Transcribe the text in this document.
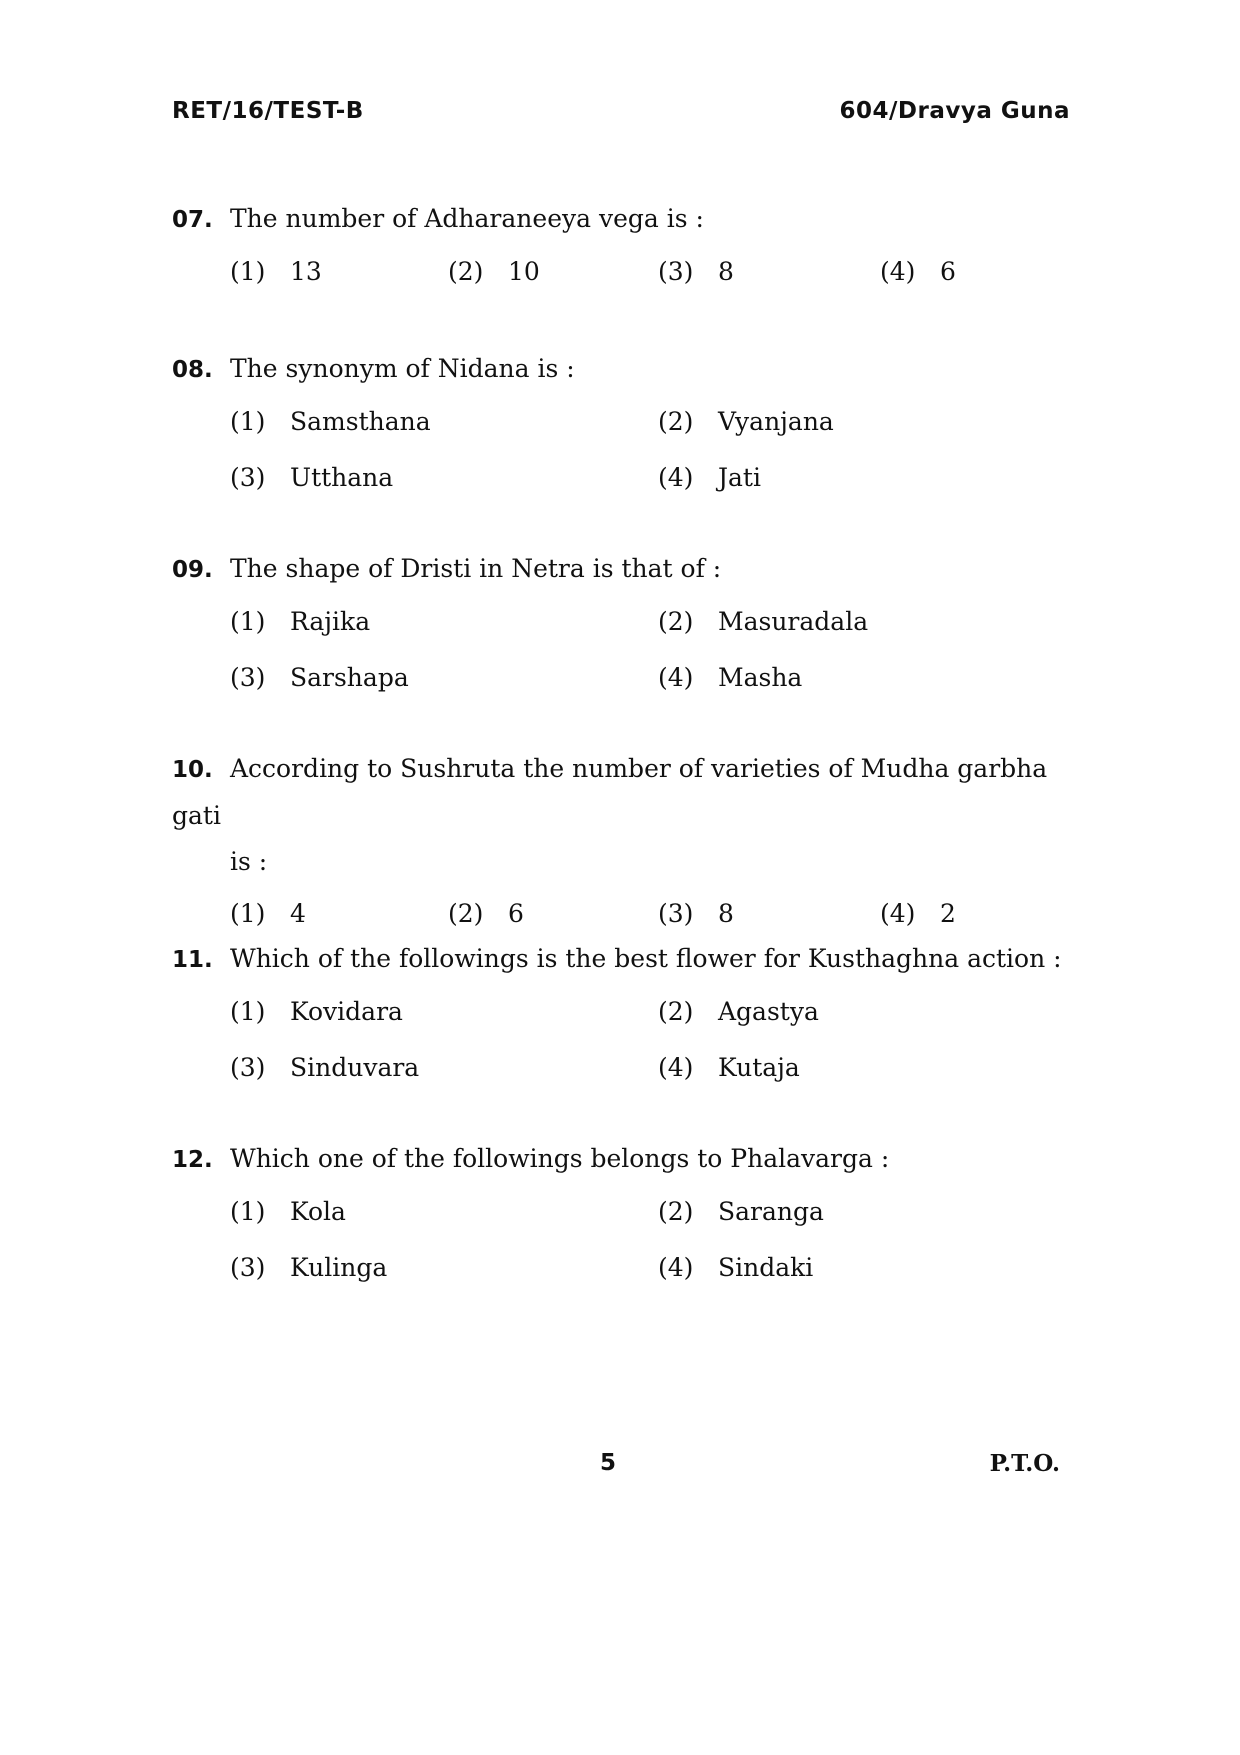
RET/16/TEST-B	604/Dravya Guna
07. The number of Adharaneeya vega is :
(1) 13	(2) 10	(3) 8	(4) 6
08. The synonym of Nidana is :
(1) Samsthana	(2) Vyanjana
(3) Utthana	(4) Jati
09. The shape of Dristi in Netra is that of :
(1) Rajika	(2) Masuradala
(3) Sarshapa	(4) Masha
10. According to Sushruta the number of varieties of Mudha garbha gati
is :
(1) 4	(2) 6	(3) 8	(4) 2
11. Which of the followings is the best flower for Kusthaghna action :
(1) Kovidara	(2) Agastya
(3) Sinduvara	(4) Kutaja
12. Which one of the followings belongs to Phalavarga :
(1) Kola	(2) Saranga
(3) Kulinga	(4) Sindaki
5	P.T.O.
